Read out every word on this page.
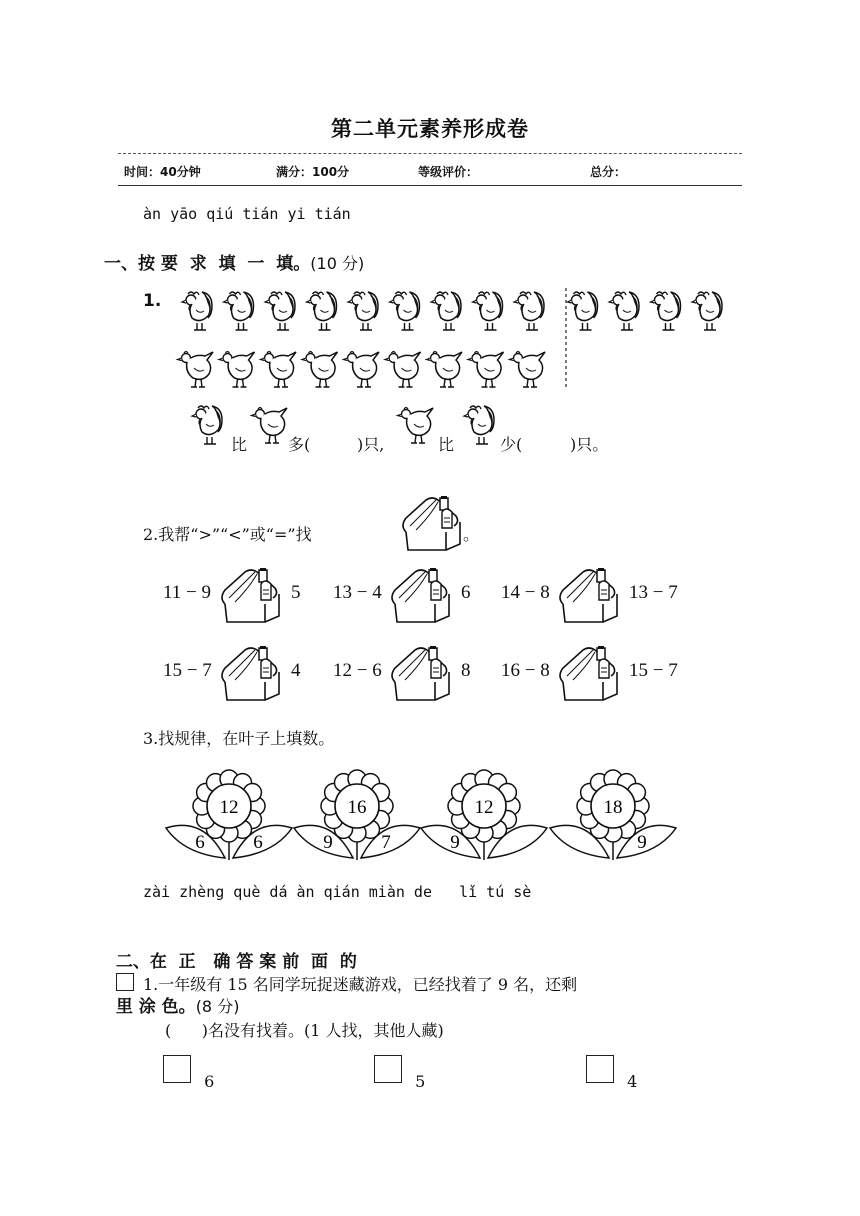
第二单元素养形成卷
时间：40分钟	满分：100分	等级评价：	总分：
àn yāo qiú tián yi tián
一、按 要  求  填  一  填。(10 分)
1.
比	多(	)只,	比	少(	)只。
2.我帮“>”“<”或“=”找	。
11 − 9	5 13 − 4	6 14 − 8	13 − 7
15 − 7	4 12 − 6	8 16 − 8	15 − 7
3.找规律，在叶子上填数。
12
6	6
16
9	7
12
9
18
9
zài zhèng què dá àn qián miàn de   lǐ tú sè

二、在  正   确 答 案 前  面  的

里 涂 色。(8 分)

1.一年级有 15 名同学玩捉迷藏游戏，已经找着了 9 名，还剩
(      )名没有找着。(1 人找，其他人藏)
6	5	4
